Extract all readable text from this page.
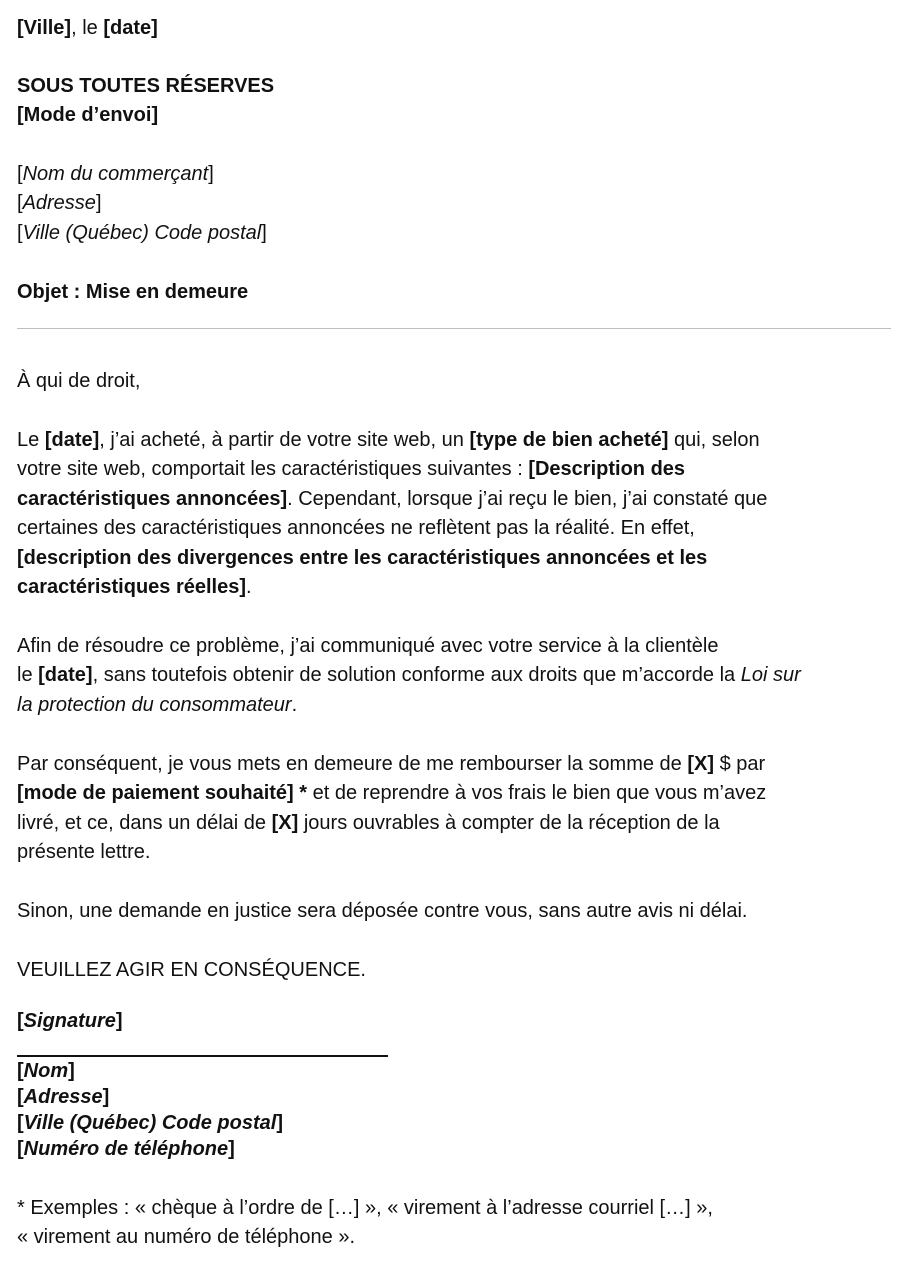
[Ville], le [date]

SOUS TOUTES RÉSERVES

[Mode d’envoi]

[Nom du commerçant]

[Adresse]

[Ville (Québec) Code postal]

Objet : Mise en demeure

À qui de droit,

Le [date], j’ai acheté, à partir de votre site web, un [type de bien acheté] qui, selon

votre site web, comportait les caractéristiques suivantes : [Description des

caractéristiques annoncées]. Cependant, lorsque j’ai reçu le bien, j’ai constaté que

certaines des caractéristiques annoncées ne reflètent pas la réalité. En effet,

[description des divergences entre les caractéristiques annoncées et les

caractéristiques réelles].

Afin de résoudre ce problème, j’ai communiqué avec votre service à la clientèle

le [date], sans toutefois obtenir de solution conforme aux droits que m’accorde la Loi sur

la protection du consommateur.

Par conséquent, je vous mets en demeure de me rembourser la somme de [X] $ par

[mode de paiement souhaité] * et de reprendre à vos frais le bien que vous m’avez

livré, et ce, dans un délai de [X] jours ouvrables à compter de la réception de la

présente lettre.

Sinon, une demande en justice sera déposée contre vous, sans autre avis ni délai.

VEUILLEZ AGIR EN CONSÉQUENCE.

[Signature]

[Nom]

[Adresse]

[Ville (Québec) Code postal]

[Numéro de téléphone]

* Exemples : « chèque à l’ordre de […] », « virement à l’adresse courriel […] »,

« virement au numéro de téléphone ».
